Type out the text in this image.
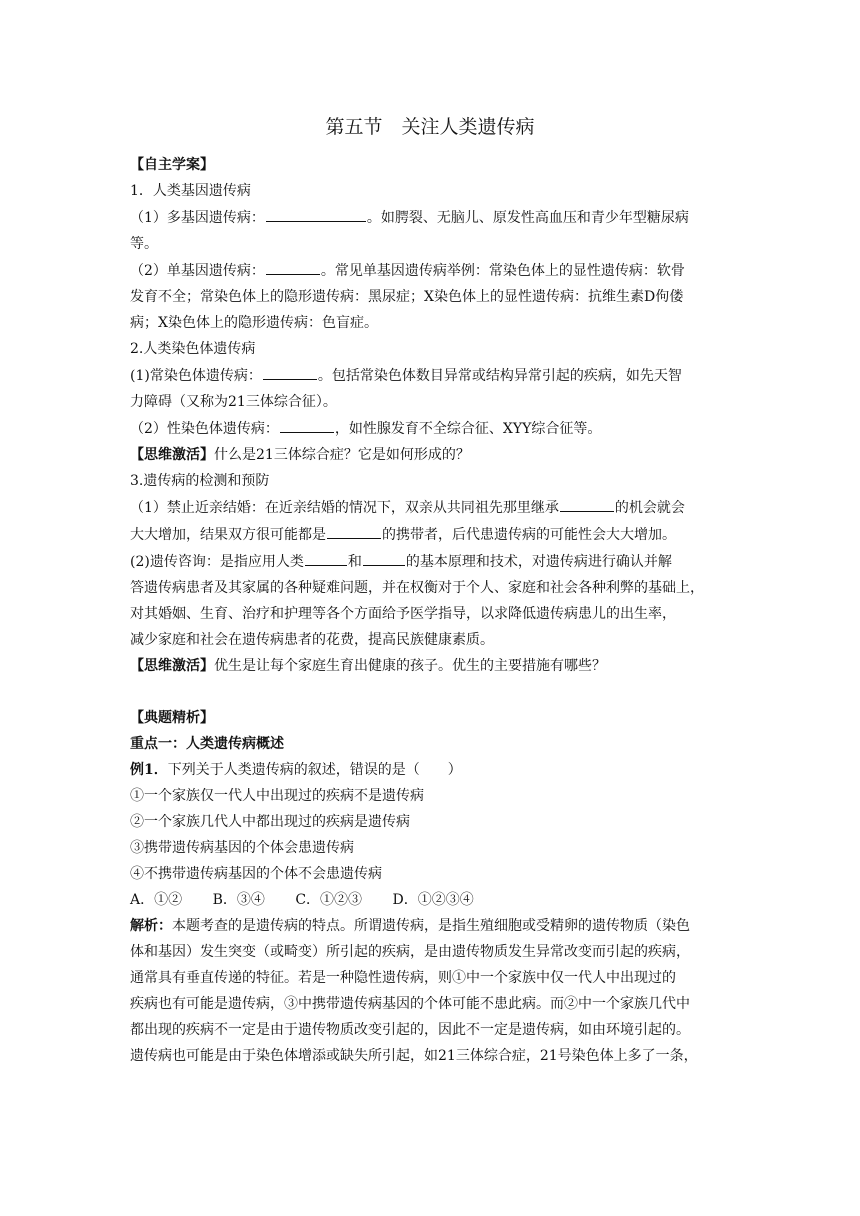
第五节　关注人类遗传病

【自主学案】

1．人类基因遗传病

（1）多基因遗传病：	。如腭裂、无脑儿、原发性高血压和青少年型糖尿病

等。

（2）单基因遗传病：	。常见单基因遗传病举例：常染色体上的显性遗传病：软骨

发育不全；常染色体上的隐形遗传病：黑尿症；X染色体上的显性遗传病：抗维生素D佝偻

病；X染色体上的隐形遗传病：色盲症。

2.人类染色体遗传病

(1)常染色体遗传病：	。包括常染色体数目异常或结构异常引起的疾病，如先天智

力障碍（又称为21三体综合征）。

（2）性染色体遗传病：	，如性腺发育不全综合征、XYY综合征等。

【思维激活】什么是21三体综合症？它是如何形成的？

3.遗传病的检测和预防

（1）禁止近亲结婚：在近亲结婚的情况下，双亲从共同祖先那里继承	的机会就会

大大增加，结果双方很可能都是	的携带者，后代患遗传病的可能性会大大增加。

(2)遗传咨询：是指应用人类	和	的基本原理和技术，对遗传病进行确认并解

答遗传病患者及其家属的各种疑难问题，并在权衡对于个人、家庭和社会各种利弊的基础上，

对其婚姻、生育、治疗和护理等各个方面给予医学指导，以求降低遗传病患儿的出生率，

减少家庭和社会在遗传病患者的花费，提高民族健康素质。

【思维激活】优生是让每个家庭生育出健康的孩子。优生的主要措施有哪些？

【典题精析】

重点一：人类遗传病概述

例1．下列关于人类遗传病的叙述，错误的是（　　）

①一个家族仅一代人中出现过的疾病不是遗传病

②一个家族几代人中都出现过的疾病是遗传病

③携带遗传病基因的个体会患遗传病

④不携带遗传病基因的个体不会患遗传病

A．①② B．③④ C．①②③ D．①②③④

解析：本题考查的是遗传病的特点。所谓遗传病，是指生殖细胞或受精卵的遗传物质（染色

体和基因）发生突变（或畸变）所引起的疾病，是由遗传物质发生异常改变而引起的疾病，

通常具有垂直传递的特征。若是一种隐性遗传病，则①中一个家族中仅一代人中出现过的

疾病也有可能是遗传病，③中携带遗传病基因的个体可能不患此病。而②中一个家族几代中

都出现的疾病不一定是由于遗传物质改变引起的，因此不一定是遗传病，如由环境引起的。

遗传病也可能是由于染色体增添或缺失所引起，如21三体综合症，21号染色体上多了一条，
